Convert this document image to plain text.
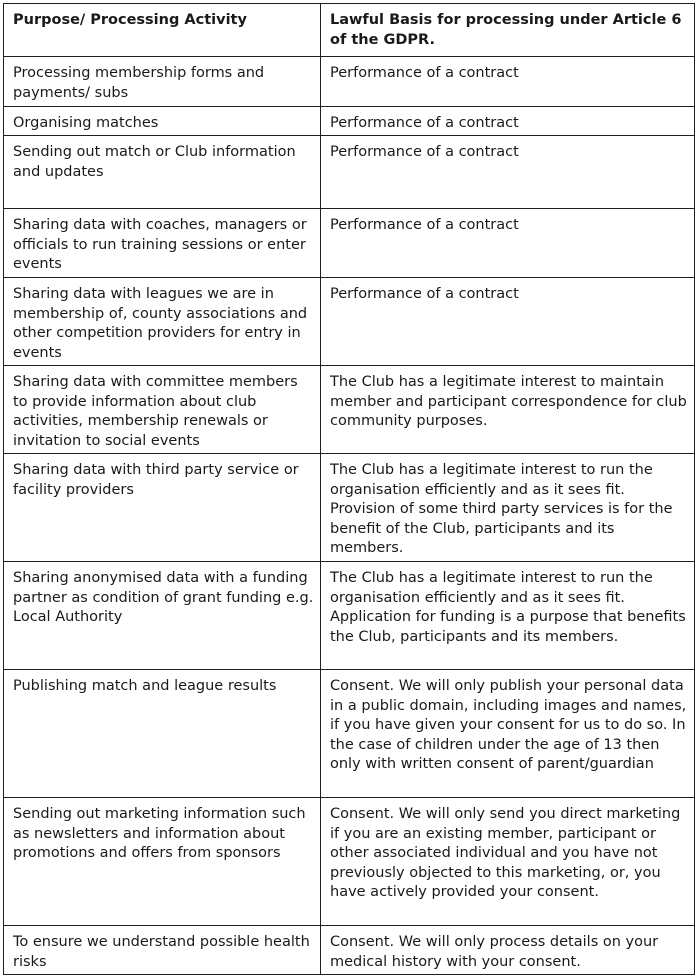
Purpose/ Processing Activity	Lawful Basis for processing under Article 6 of the GDPR.
Processing membership forms and payments/ subs	Performance of a contract
Organising matches	Performance of a contract
Sending out match or Club information and updates	Performance of a contract
Sharing data with coaches, managers or officials to run training sessions or enter events	Performance of a contract
Sharing data with leagues we are in membership of, county associations and other competition providers for entry in events	Performance of a contract
Sharing data with committee members to provide information about club activities, membership renewals or invitation to social events	The Club has a legitimate interest to maintain member and participant correspondence for club community purposes.
Sharing data with third party service or facility providers	The Club has a legitimate interest to run the organisation efficiently and as it sees fit. Provision of some third party services is for the benefit of the Club, participants and its members.
Sharing anonymised data with a funding partner as condition of grant funding e.g. Local Authority	The Club has a legitimate interest to run the organisation efficiently and as it sees fit. Application for funding is a purpose that benefits the Club, participants and its members.
Publishing match and league results	Consent. We will only publish your personal data in a public domain, including images and names, if you have given your consent for us to do so. In the case of children under the age of 13 then only with written consent of parent/guardian
Sending out marketing information such as newsletters and information about promotions and offers from sponsors	Consent. We will only send you direct marketing if you are an existing member, participant or other associated individual and you have not previously objected to this marketing, or, you have actively provided your consent.
To ensure we understand possible health risks	Consent. We will only process details on your medical history with your consent.
